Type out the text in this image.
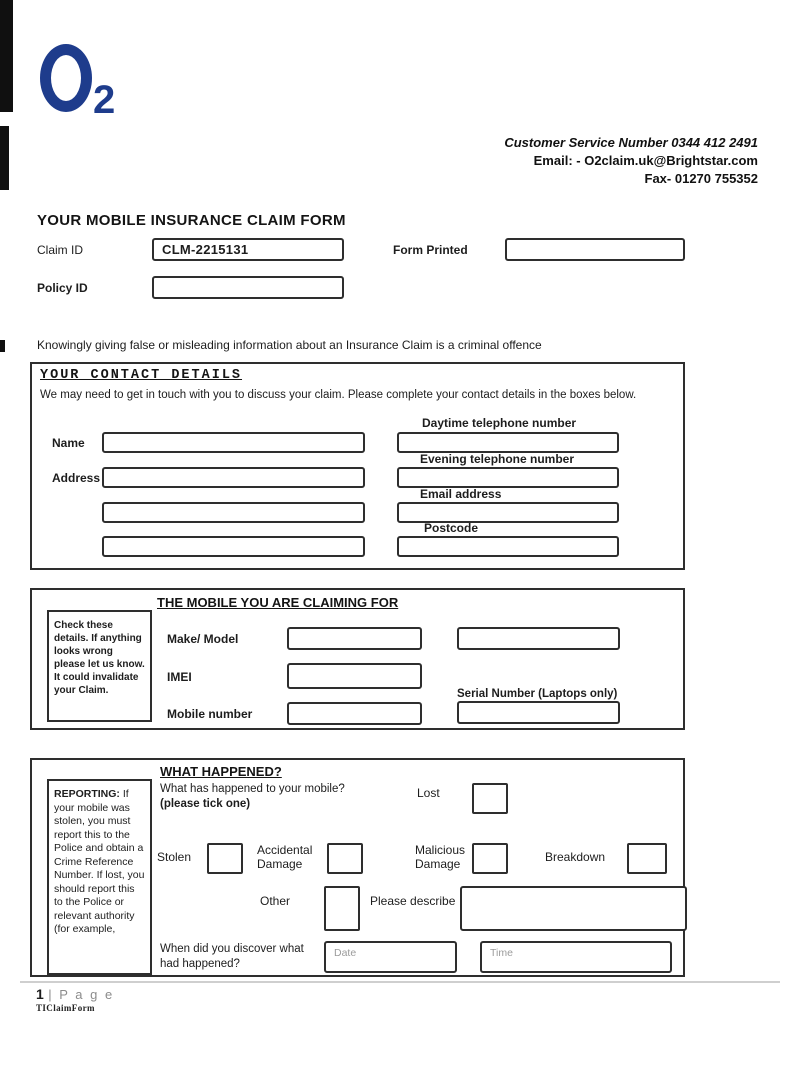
2
Customer Service Number 0344 412 2491
Email: - O2claim.uk@Brightstar.com
Fax- 01270 755352
YOUR MOBILE INSURANCE CLAIM FORM
Claim ID	CLM-2215131	Form Printed
Policy ID
Knowingly giving false or misleading information about an Insurance Claim is a criminal offence
YOUR CONTACT DETAILS
We may need to get in touch with you to discuss your claim. Please complete your contact details in the boxes below.
Name
Address
Daytime telephone number
Evening telephone number
Email address
Postcode
THE MOBILE YOU ARE CLAIMING FOR
Check these details. If anything looks wrong please let us know. It could invalidate your Claim.
Make/ Model
IMEI
Serial Number (Laptops only)
Mobile number
WHAT HAPPENED?
REPORTING: If your mobile was stolen, you must report this to the Police and obtain a Crime Reference Number. If lost, you should report this to the Police or relevant authority (for example,
What has happened to your mobile?
(please tick one)
Lost
Stolen	Accidental Damage
Malicious Damage	Breakdown
Other	Please describe
When did you discover what had happened?
Date	Time
1 | P a g e
TIClaimForm
